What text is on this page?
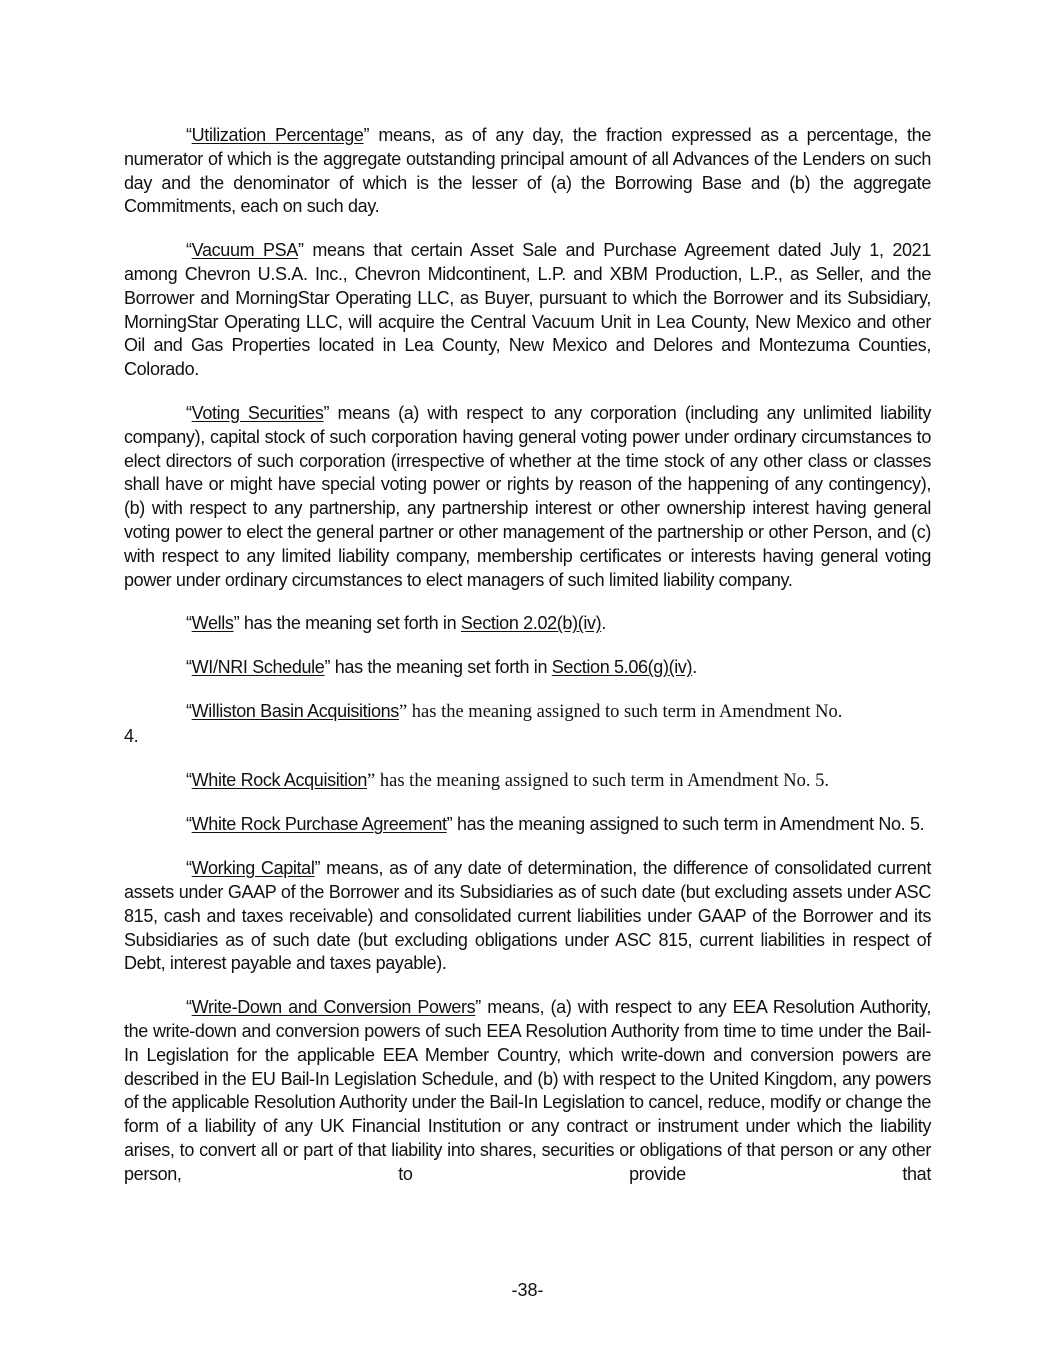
“Utilization Percentage” means, as of any day, the fraction expressed as a percentage, the numerator of which is the aggregate outstanding principal amount of all Advances of the Lenders on such day and the denominator of which is the lesser of (a) the Borrowing Base and (b) the aggregate Commitments, each on such day.

“Vacuum PSA” means that certain Asset Sale and Purchase Agreement dated July 1, 2021 among Chevron U.S.A. Inc., Chevron Midcontinent, L.P. and XBM Production, L.P., as Seller, and the Borrower and MorningStar Operating LLC, as Buyer, pursuant to which the Borrower and its Subsidiary, MorningStar Operating LLC, will acquire the Central Vacuum Unit in Lea County, New Mexico and other Oil and Gas Properties located in Lea County, New Mexico and Delores and Montezuma Counties, Colorado.

“Voting Securities” means (a) with respect to any corporation (including any unlimited liability company), capital stock of such corporation having general voting power under ordinary circumstances to elect directors of such corporation (irrespective of whether at the time stock of any other class or classes shall have or might have special voting power or rights by reason of the happening of any contingency), (b) with respect to any partnership, any partnership interest or other ownership interest having general voting power to elect the general partner or other management of the partnership or other Person, and (c) with respect to any limited liability company, membership certificates or interests having general voting power under ordinary circumstances to elect managers of such limited liability company.

“Wells” has the meaning set forth in Section 2.02(b)(iv).

“WI/NRI Schedule” has the meaning set forth in Section 5.06(g)(iv).

“Williston Basin Acquisitions” has the meaning assigned to such term in Amendment No.

4.

“White Rock Acquisition” has the meaning assigned to such term in Amendment No. 5.

“White Rock Purchase Agreement” has the meaning assigned to such term in Amendment No. 5.

“Working Capital” means, as of any date of determination, the difference of consolidated current assets under GAAP of the Borrower and its Subsidiaries as of such date (but excluding assets under ASC 815, cash and taxes receivable) and consolidated current liabilities under GAAP of the Borrower and its Subsidiaries as of such date (but excluding obligations under ASC 815, current liabilities in respect of Debt, interest payable and taxes payable).

“Write-Down and Conversion Powers” means, (a) with respect to any EEA Resolution Authority, the write-down and conversion powers of such EEA Resolution Authority from time to time under the Bail-In Legislation for the applicable EEA Member Country, which write-down and conversion powers are described in the EU Bail-In Legislation Schedule, and (b) with respect to the United Kingdom, any powers of the applicable Resolution Authority under the Bail-In Legislation to cancel, reduce, modify or change the form of a liability of any UK Financial Institution or any contract or instrument under which the liability arises, to convert all or part of that liability into shares, securities or obligations of that person or any other person, to provide that

-38-
